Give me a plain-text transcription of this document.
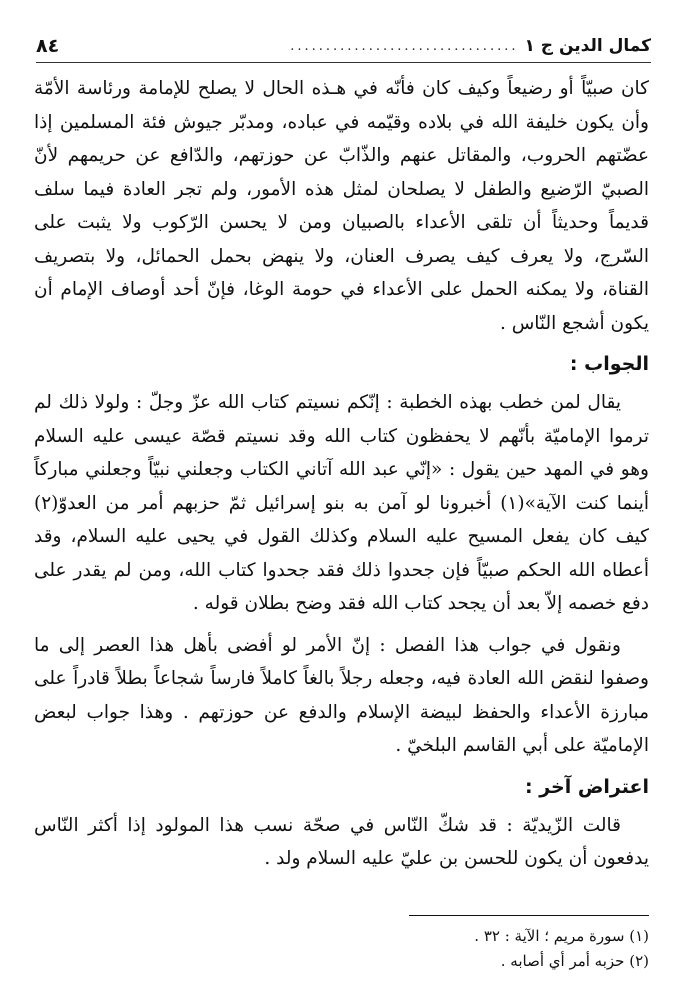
كمال الدين ج ١
................................
٨٤

كان صبيّاً أو رضيعاً وكيف كان فأنّه في هـذه الحال لا يصلح للإمامة ورئاسة الأمّة وأن يكون خليفة الله في بلاده وقيّمه في عباده، ومدبّر جيوش فئة المسلمين إذا عضّتهم الحروب، والمقاتل عنهم والذّابّ عن حوزتهم، والدّافع عن حريمهم لأنّ الصبيّ الرّضيع والطفل لا يصلحان لمثل هذه الأمور، ولم تجر العادة فيما سلف قديماً وحديثاً أن تلقى الأعداء بالصبيان ومن لا يحسن الرّكوب ولا يثبت على السّرج، ولا يعرف كيف يصرف العنان، ولا ينهض بحمل الحمائل، ولا بتصريف القناة، ولا يمكنه الحمل على الأعداء في حومة الوغا، فإنّ أحد أوصاف الإمام أن يكون أشجع النّاس .

الجواب :

يقال لمن خطب بهذه الخطبة : إنّكم نسيتم كتاب الله عزّ وجلّ : ولولا ذلك لم ترموا الإماميّة بأنّهم لا يحفظون كتاب الله وقد نسيتم قصّة عيسى عليه السلام وهو في المهد حين يقول : «إنّي عبد الله آتاني الكتاب وجعلني نبيّاً وجعلني مباركاً أينما كنت الآية»(١) أخبرونا لو آمن به بنو إسرائيل ثمّ حزبهم أمر من العدوّ(٢) كيف كان يفعل المسيح عليه السلام وكذلك القول في يحيى عليه السلام، وقد أعطاه الله الحكم صبيّاً فإن جحدوا ذلك فقد جحدوا كتاب الله، ومن لم يقدر على دفع خصمه إلاّ بعد أن يجحد كتاب الله فقد وضح بطلان قوله .

ونقول في جواب هذا الفصل : إنّ الأمر لو أفضى بأهل هذا العصر إلى ما وصفوا لنقض الله العادة فيه، وجعله رجلاً بالغاً كاملاً فارساً شجاعاً بطلاً قادراً على مبارزة الأعداء والحفظ لبيضة الإسلام والدفع عن حوزتهم . وهذا جواب لبعض الإماميّة على أبي القاسم البلخيّ .

اعتراض آخر :

قالت الزّيديّة : قد شكّ النّاس في صحّة نسب هذا المولود إذا أكثر النّاس يدفعون أن يكون للحسن بن عليّ عليه السلام ولد .

(١) سورة مريم ؛ الآية : ٣٢ .

(٢) حزبه أمر أي أصابه .
